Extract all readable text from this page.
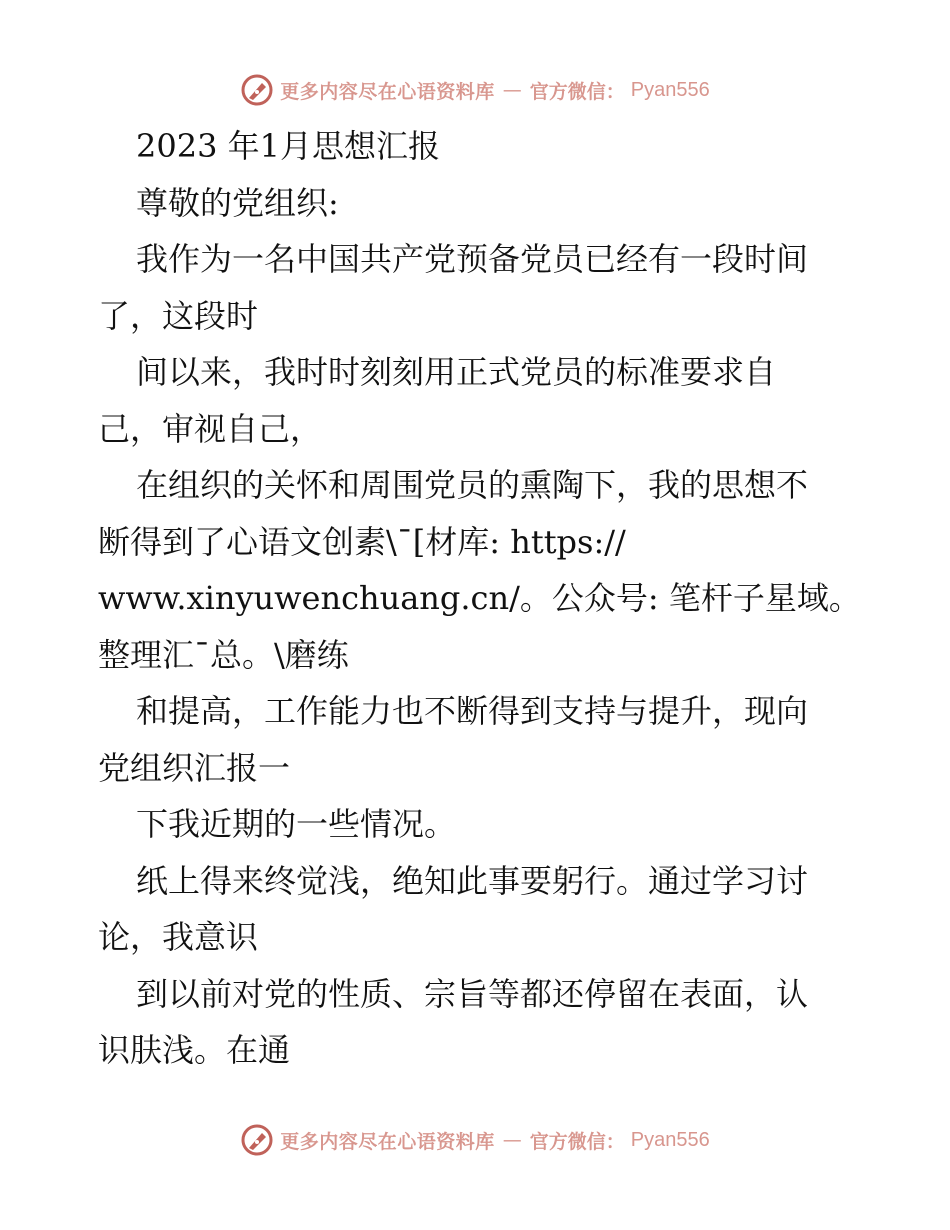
更多内容尽在心语资料库 — 官方微信： Pyan556

2023 年1月思想汇报

尊敬的党组织:

我作为一名中国共产党预备党员已经有一段时间

了，这段时

间以来，我时时刻刻用正式党员的标准要求自

己，审视自己，

在组织的关怀和周围党员的熏陶下，我的思想不

断得到了心语文创素\¯[材库: https://

www.xinyuwenchuang.cn/。公众号: 笔杆子星域。

整理汇¯总。\磨练

和提高，工作能力也不断得到支持与提升，现向

党组织汇报一

下我近期的一些情况。

纸上得来终觉浅，绝知此事要躬行。通过学习讨

论，我意识

到以前对党的性质、宗旨等都还停留在表面，认

识肤浅。在通

更多内容尽在心语资料库 — 官方微信： Pyan556
